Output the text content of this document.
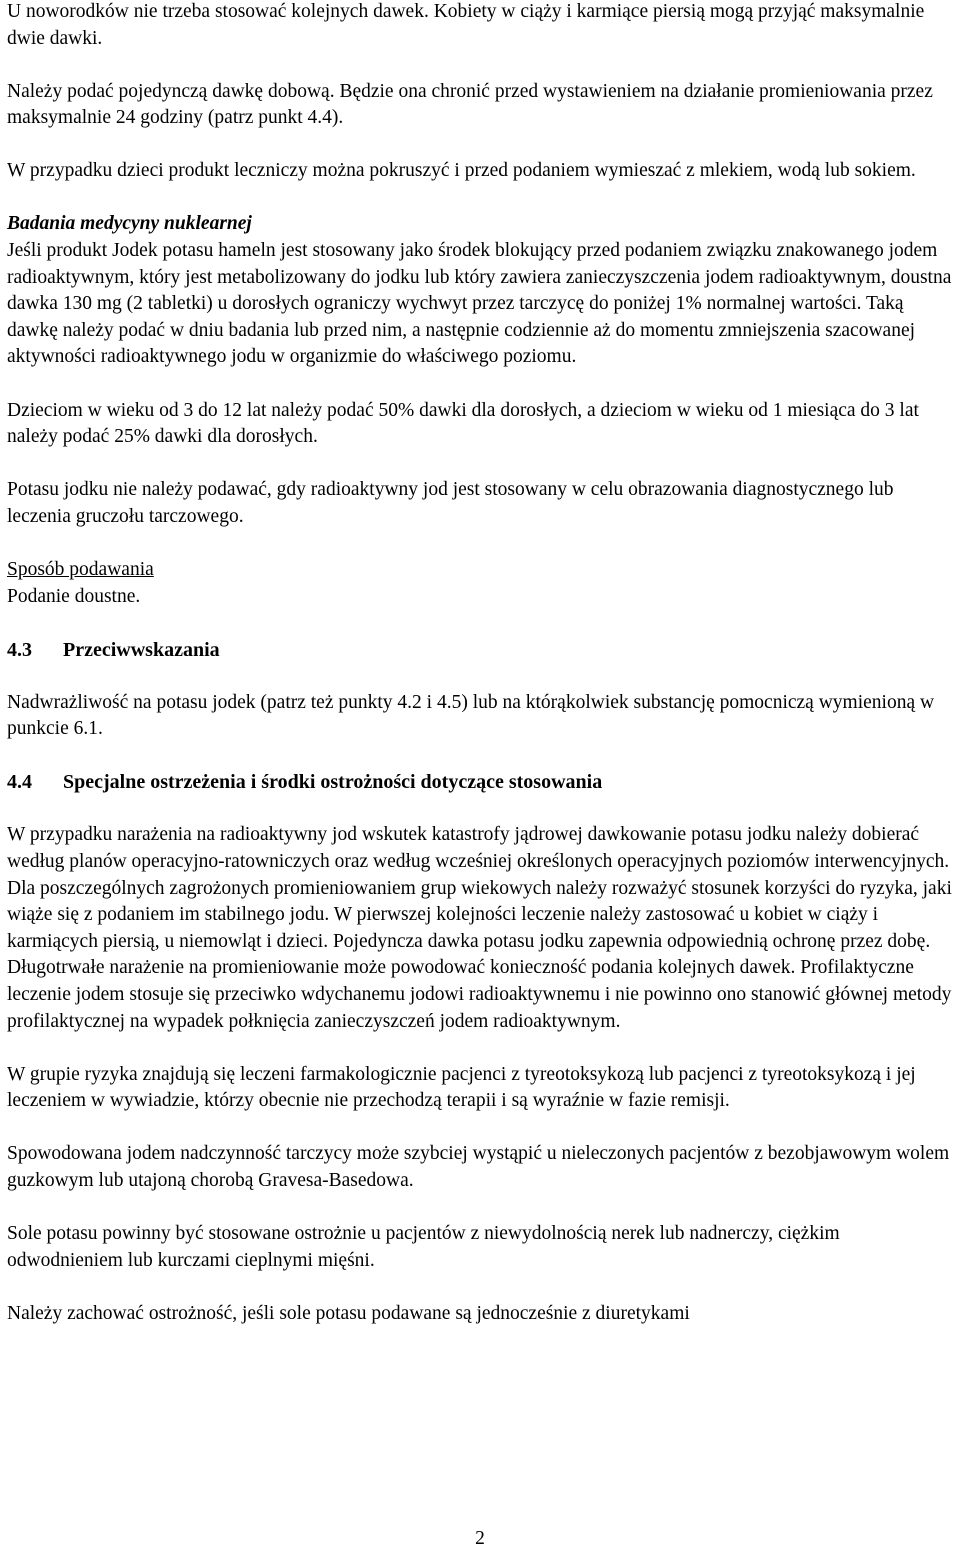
U noworodków nie trzeba stosować kolejnych dawek. Kobiety w ciąży i karmiące piersią mogą przyjąć maksymalnie dwie dawki.

Należy podać pojedynczą dawkę dobową. Będzie ona chronić przed wystawieniem na działanie promieniowania przez maksymalnie 24 godziny (patrz punkt 4.4).

W przypadku dzieci produkt leczniczy można pokruszyć i przed podaniem wymieszać z mlekiem, wodą lub sokiem.

Badania medycyny nuklearnej

Jeśli produkt Jodek potasu hameln jest stosowany jako środek blokujący przed podaniem związku znakowanego jodem radioaktywnym, który jest metabolizowany do jodku lub który zawiera zanieczyszczenia jodem radioaktywnym, doustna dawka 130 mg (2 tabletki) u dorosłych ograniczy wychwyt przez tarczycę do poniżej 1% normalnej wartości. Taką dawkę należy podać w dniu badania lub przed nim, a następnie codziennie aż do momentu zmniejszenia szacowanej aktywności radioaktywnego jodu w organizmie do właściwego poziomu.

Dzieciom w wieku od 3 do 12 lat należy podać 50% dawki dla dorosłych, a dzieciom w wieku od 1 miesiąca do 3 lat należy podać 25% dawki dla dorosłych.

Potasu jodku nie należy podawać, gdy radioaktywny jod jest stosowany w celu obrazowania diagnostycznego lub leczenia gruczołu tarczowego.

Sposób podawania

Podanie doustne.

4.3 Przeciwwskazania

Nadwrażliwość na potasu jodek (patrz też punkty 4.2 i 4.5) lub na którąkolwiek substancję pomocniczą wymienioną w punkcie 6.1.

4.4 Specjalne ostrzeżenia i środki ostrożności dotyczące stosowania

W przypadku narażenia na radioaktywny jod wskutek katastrofy jądrowej dawkowanie potasu jodku należy dobierać według planów operacyjno-ratowniczych oraz według wcześniej określonych operacyjnych poziomów interwencyjnych. Dla poszczególnych zagrożonych promieniowaniem grup wiekowych należy rozważyć stosunek korzyści do ryzyka, jaki wiąże się z podaniem im stabilnego jodu. W pierwszej kolejności leczenie należy zastosować u kobiet w ciąży i karmiących piersią, u niemowląt i dzieci. Pojedyncza dawka potasu jodku zapewnia odpowiednią ochronę przez dobę. Długotrwałe narażenie na promieniowanie może powodować konieczność podania kolejnych dawek. Profilaktyczne leczenie jodem stosuje się przeciwko wdychanemu jodowi radioaktywnemu i nie powinno ono stanowić głównej metody profilaktycznej na wypadek połknięcia zanieczyszczeń jodem radioaktywnym.

W grupie ryzyka znajdują się leczeni farmakologicznie pacjenci z tyreotoksykozą lub pacjenci z tyreotoksykozą i jej leczeniem w wywiadzie, którzy obecnie nie przechodzą terapii i są wyraźnie w fazie remisji.

Spowodowana jodem nadczynność tarczycy może szybciej wystąpić u nieleczonych pacjentów z bezobjawowym wolem guzkowym lub utajoną chorobą Gravesa-Basedowa.

Sole potasu powinny być stosowane ostrożnie u pacjentów z niewydolnością nerek lub nadnerczy, ciężkim odwodnieniem lub kurczami cieplnymi mięśni.

Należy zachować ostrożność, jeśli sole potasu podawane są jednocześnie z diuretykami

2
